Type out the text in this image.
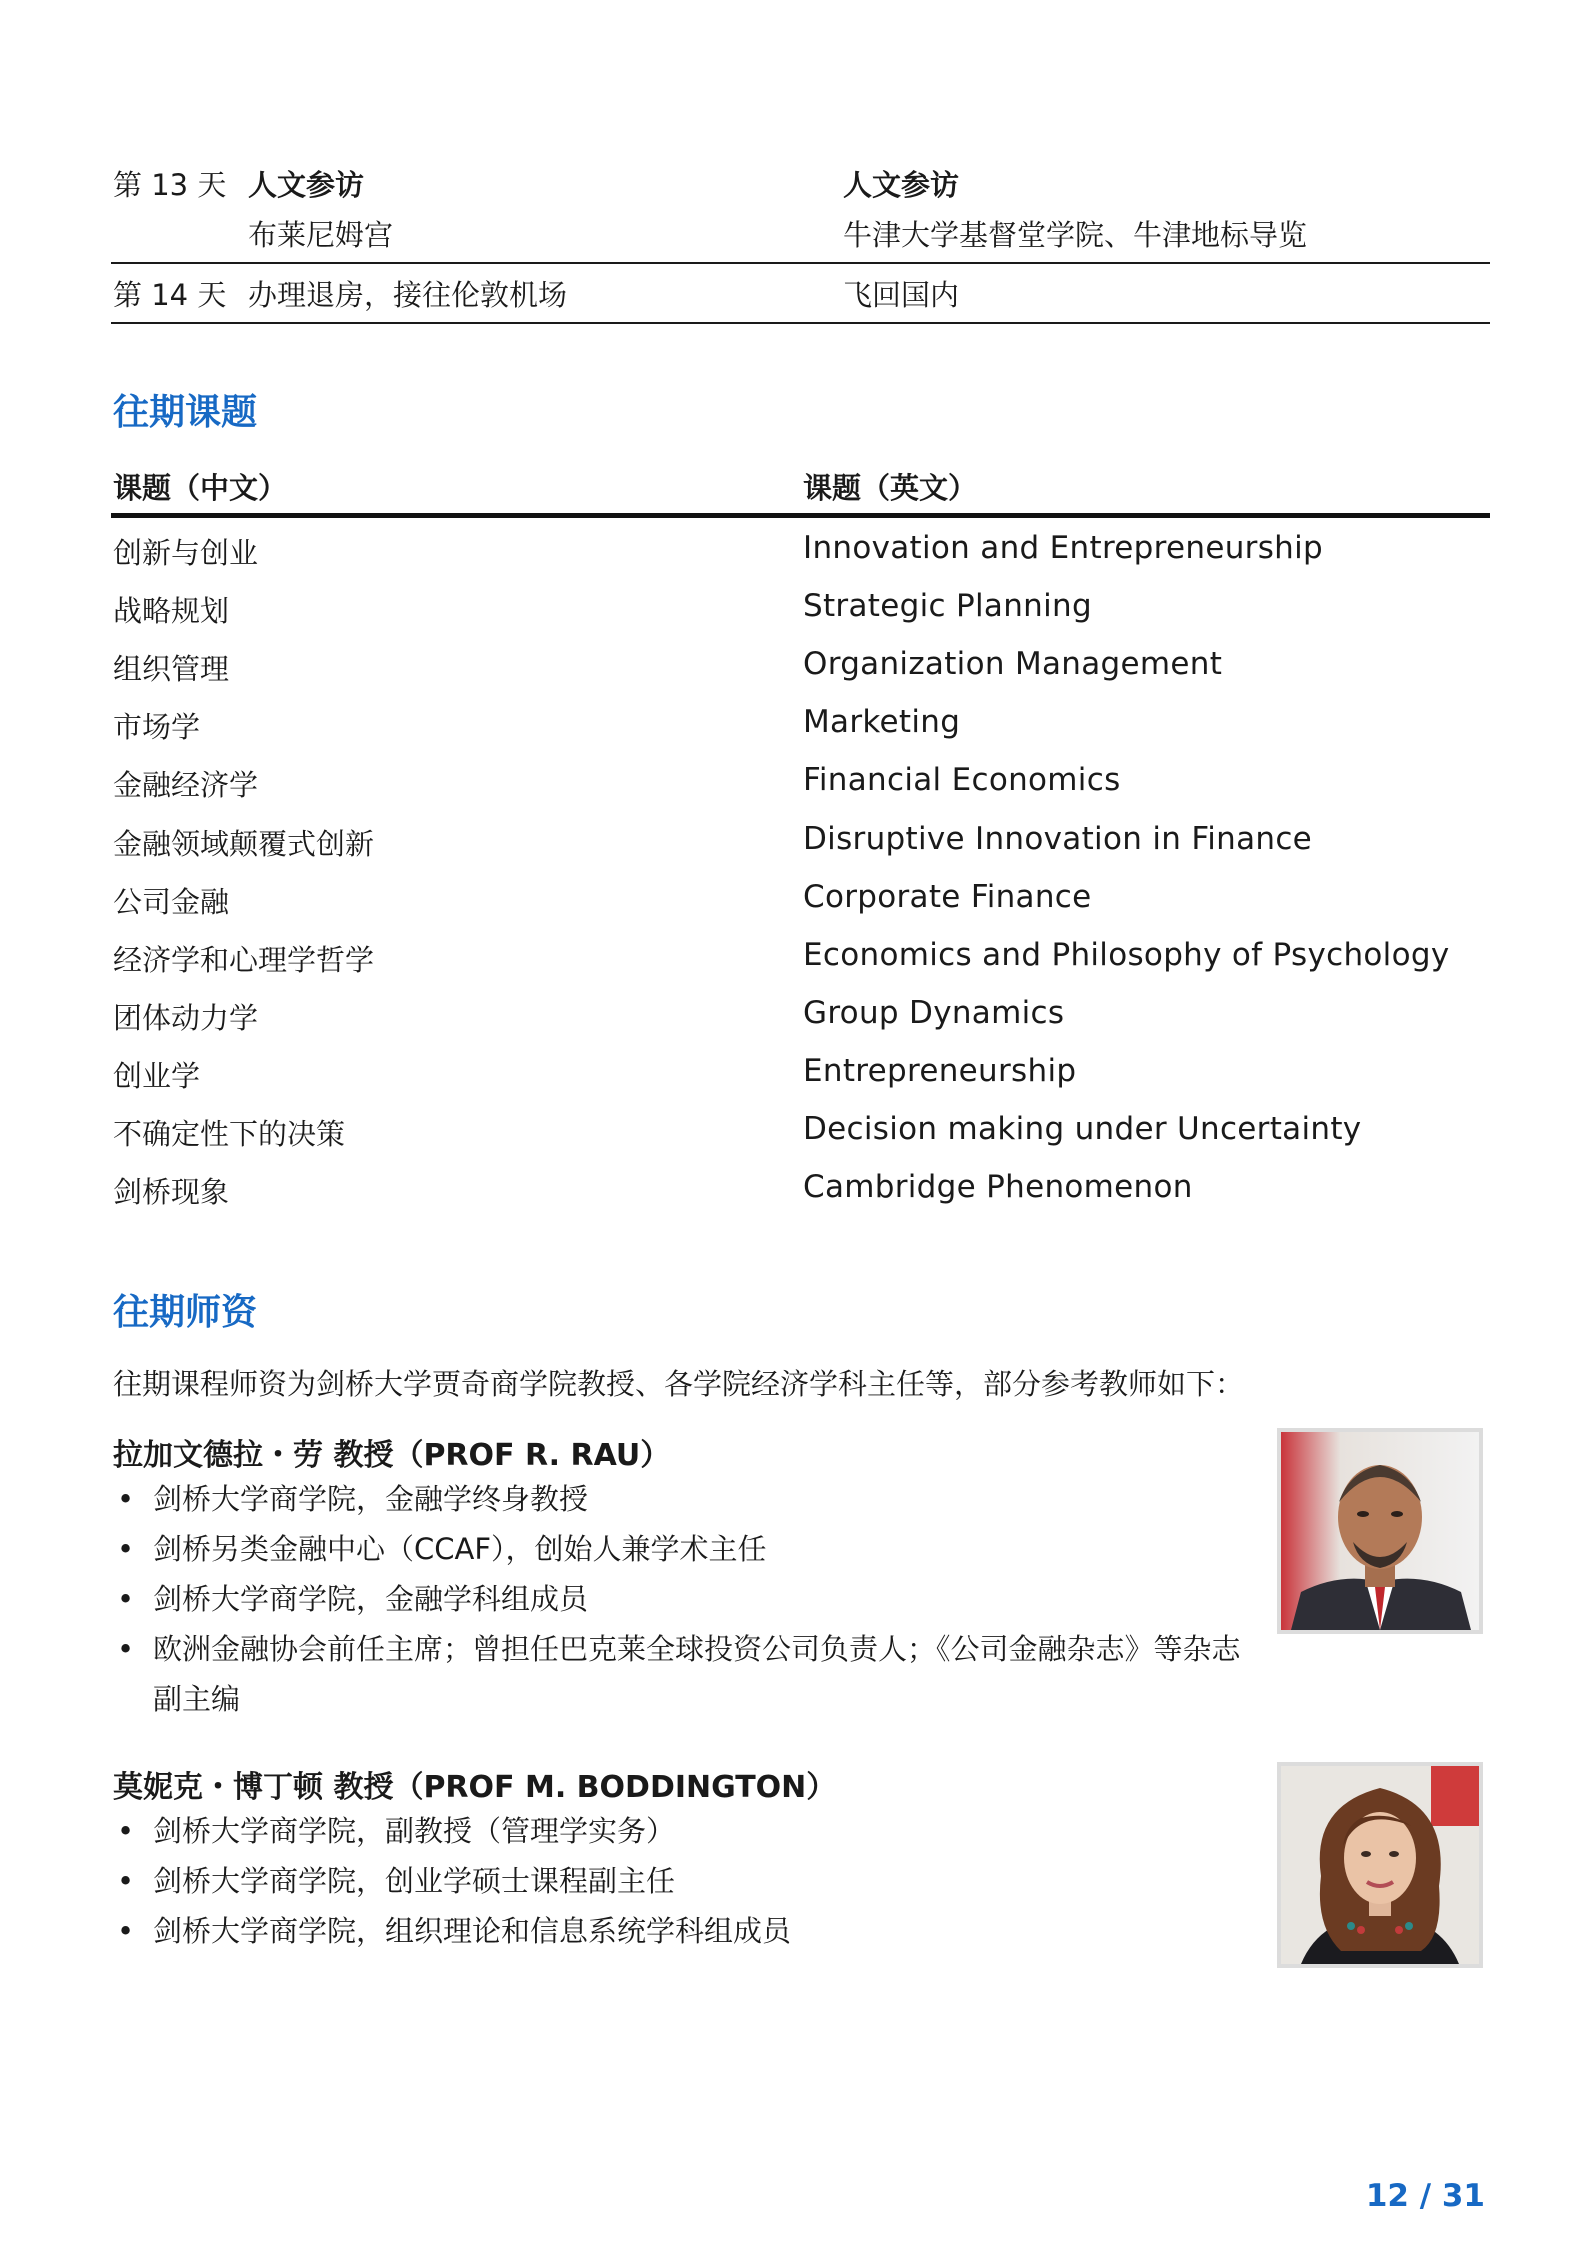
第 13 天 人文参访	人文参访
布莱尼姆宫	牛津大学基督堂学院、牛津地标导览
第 14 天 办理退房，接往伦敦机场	飞回国内
往期课题
课题（中文）	课题（英文）
创新与创业	Innovation and Entrepreneurship
战略规划	Strategic Planning
组织管理	Organization Management
市场学	Marketing
金融经济学	Financial Economics
金融领域颠覆式创新	Disruptive Innovation in Finance
公司金融	Corporate Finance
经济学和心理学哲学	Economics and Philosophy of Psychology
团体动力学	Group Dynamics
创业学	Entrepreneurship
不确定性下的决策	Decision making under Uncertainty
剑桥现象	Cambridge Phenomenon
往期师资
往期课程师资为剑桥大学贾奇商学院教授、各学院经济学科主任等，部分参考教师如下：
拉加文德拉・劳 教授（PROF R. RAU）
• 剑桥大学商学院，金融学终身教授
• 剑桥另类金融中心（CCAF），创始人兼学术主任
• 剑桥大学商学院，金融学科组成员
• 欧洲金融协会前任主席；曾担任巴克莱全球投资公司负责人；《公司金融杂志》等杂志副主编
莫妮克・博丁顿 教授（PROF M. BODDINGTON）
• 剑桥大学商学院，副教授（管理学实务）
• 剑桥大学商学院，创业学硕士课程副主任
• 剑桥大学商学院，组织理论和信息系统学科组成员
12 / 31
